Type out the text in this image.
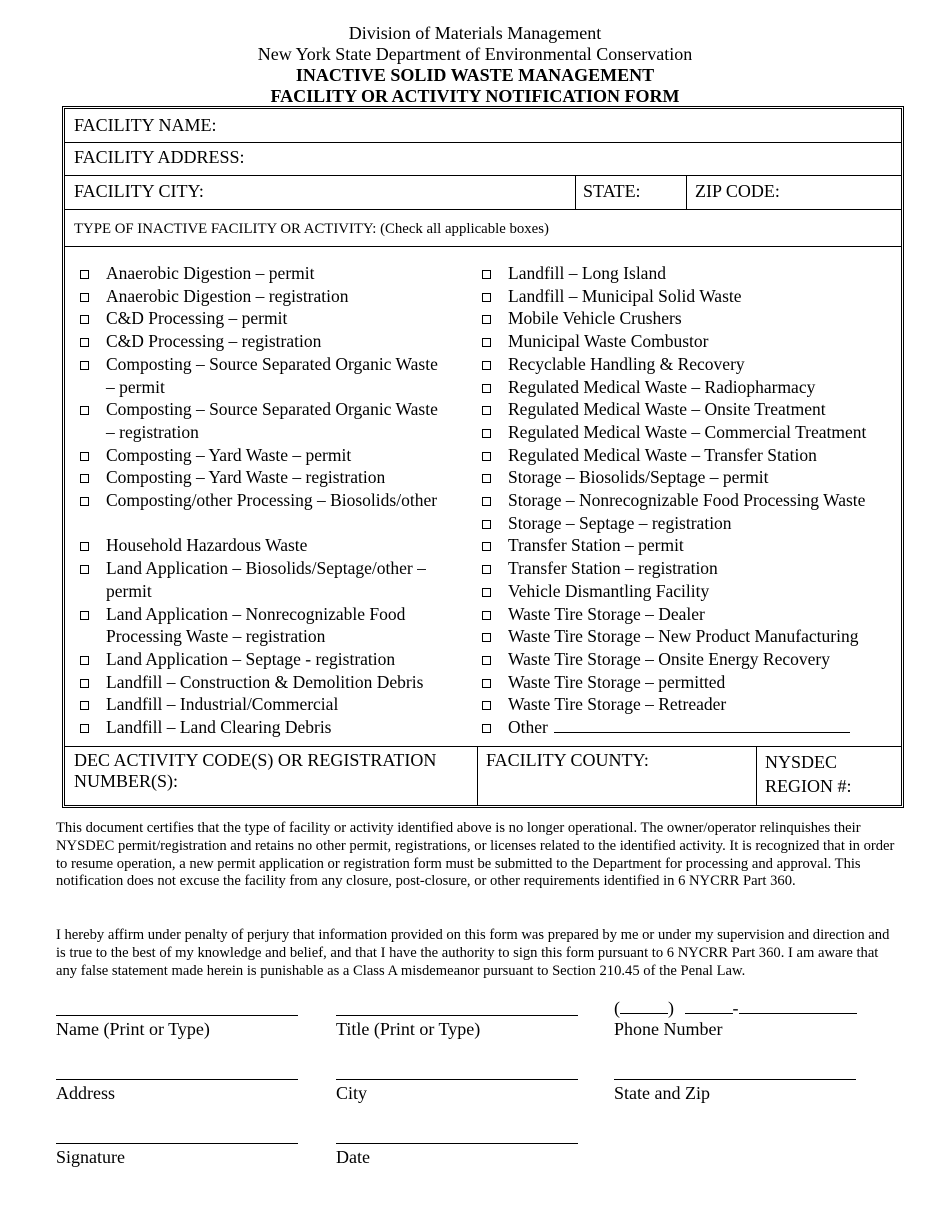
Division of Materials Management
New York State Department of Environmental Conservation
INACTIVE SOLID WASTE MANAGEMENT
FACILITY OR ACTIVITY NOTIFICATION FORM
FACILITY NAME:
FACILITY ADDRESS:
FACILITY CITY:	STATE:	ZIP CODE:
TYPE OF INACTIVE FACILITY OR ACTIVITY: (Check all applicable boxes)
DEC ACTIVITY CODE(S) OR REGISTRATION
NUMBER(S):
FACILITY COUNTY:	NYSDEC
REGION #:
Anaerobic Digestion – permit
Anaerobic Digestion – registration
C&D Processing – permit
C&D Processing – registration
Composting – Source Separated Organic Waste
– permit
Composting – Source Separated Organic Waste
– registration
Composting – Yard Waste – permit
Composting – Yard Waste – registration
Composting/other Processing – Biosolids/other
Household Hazardous Waste
Land Application – Biosolids/Septage/other –
permit
Land Application – Nonrecognizable Food
Processing Waste – registration
Land Application – Septage - registration
Landfill – Construction & Demolition Debris
Landfill – Industrial/Commercial
Landfill – Land Clearing Debris
Landfill – Long Island
Landfill – Municipal Solid Waste
Mobile Vehicle Crushers
Municipal Waste Combustor
Recyclable Handling & Recovery
Regulated Medical Waste – Radiopharmacy
Regulated Medical Waste – Onsite Treatment
Regulated Medical Waste – Commercial Treatment
Regulated Medical Waste – Transfer Station
Storage – Biosolids/Septage – permit
Storage – Nonrecognizable Food Processing Waste
Storage – Septage – registration
Transfer Station – permit
Transfer Station – registration
Vehicle Dismantling Facility
Waste Tire Storage – Dealer
Waste Tire Storage – New Product Manufacturing
Waste Tire Storage – Onsite Energy Recovery
Waste Tire Storage – permitted
Waste Tire Storage – Retreader
Other
This document certifies that the type of facility or activity identified above is no longer operational. The owner/operator relinquishes their NYSDEC permit/registration and retains no other permit, registrations, or licenses related to the identified activity. It is recognized that in order to resume operation, a new permit application or registration form must be submitted to the Department for processing and approval. This notification does not excuse the facility from any closure, post-closure, or other requirements identified in 6 NYCRR Part 360.
I hereby affirm under penalty of perjury that information provided on this form was prepared by me or under my supervision and direction and is true to the best of my knowledge and belief, and that I have the authority to sign this form pursuant to 6 NYCRR Part 360. I am aware that any false statement made herein is punishable as a Class A misdemeanor pursuant to Section 210.45 of the Penal Law.
(	)	-
Name (Print or Type)	Title (Print or Type)	Phone Number
Address	City	State and Zip
Signature	Date
